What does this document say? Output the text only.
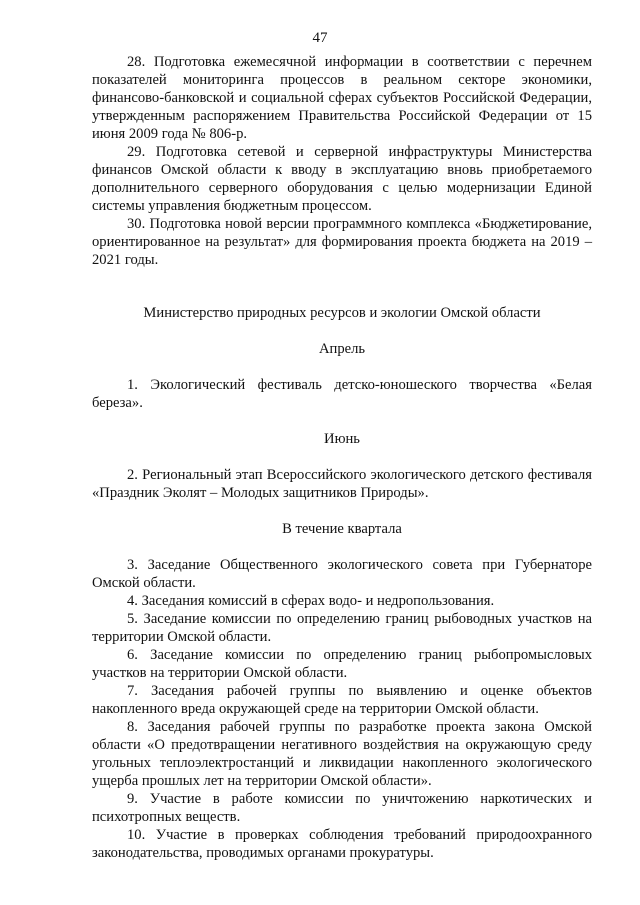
47

28. Подготовка ежемесячной информации в соответствии с перечнем показателей мониторинга процессов в реальном секторе экономики, финансово-банковской и социальной сферах субъектов Российской Федерации, утвержденным распоряжением Правительства Российской Федерации от 15 июня 2009 года № 806-р.

29. Подготовка сетевой и серверной инфраструктуры Министерства финансов Омской области к вводу в эксплуатацию вновь приобретаемого дополнительного серверного оборудования с целью модернизации Единой системы управления бюджетным процессом.

30. Подготовка новой версии программного комплекса «Бюджетирование, ориентированное на результат» для формирования проекта бюджета на 2019 – 2021 годы.

Министерство природных ресурсов и экологии Омской области

Апрель

1. Экологический фестиваль детско-юношеского творчества «Белая береза».

Июнь

2. Региональный этап Всероссийского экологического детского фестиваля «Праздник Эколят – Молодых защитников Природы».

В течение квартала

3. Заседание Общественного экологического совета при Губернаторе Омской области.

4. Заседания комиссий в сферах водо- и недропользования.

5. Заседание комиссии по определению границ рыбоводных участков на территории Омской области.

6. Заседание комиссии по определению границ рыбопромысловых участков на территории Омской области.

7. Заседания рабочей группы по выявлению и оценке объектов накопленного вреда окружающей среде на территории Омской области.

8. Заседания рабочей группы по разработке проекта закона Омской области «О предотвращении негативного воздействия на окружающую среду угольных теплоэлектростанций и ликвидации накопленного экологического ущерба прошлых лет на территории Омской области».

9. Участие в работе комиссии по уничтожению наркотических и психотропных веществ.

10. Участие в проверках соблюдения требований природоохранного законодательства, проводимых органами прокуратуры.
